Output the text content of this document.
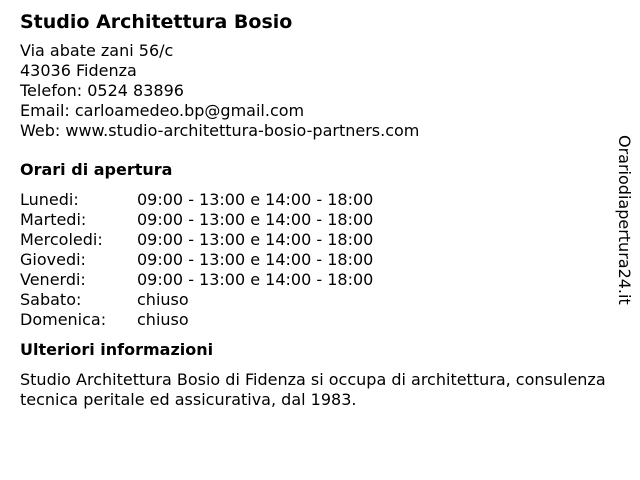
Studio Architettura Bosio
Via abate zani 56/c
43036 Fidenza
Telefon: 0524 83896
Email: carloamedeo.bp@gmail.com
Web: www.studio-architettura-bosio-partners.com
Orari di apertura
Lunedi:	09:00 - 13:00 e 14:00 - 18:00
Martedi:	09:00 - 13:00 e 14:00 - 18:00
Mercoledi:	09:00 - 13:00 e 14:00 - 18:00
Giovedi:	09:00 - 13:00 e 14:00 - 18:00
Venerdi:	09:00 - 13:00 e 14:00 - 18:00
Sabato:	chiuso
Domenica:	chiuso
Ulteriori informazioni
Studio Architettura Bosio di Fidenza si occupa di architettura, consulenza tecnica peritale ed assicurativa, dal 1983.
Orariodiapertura24.it
